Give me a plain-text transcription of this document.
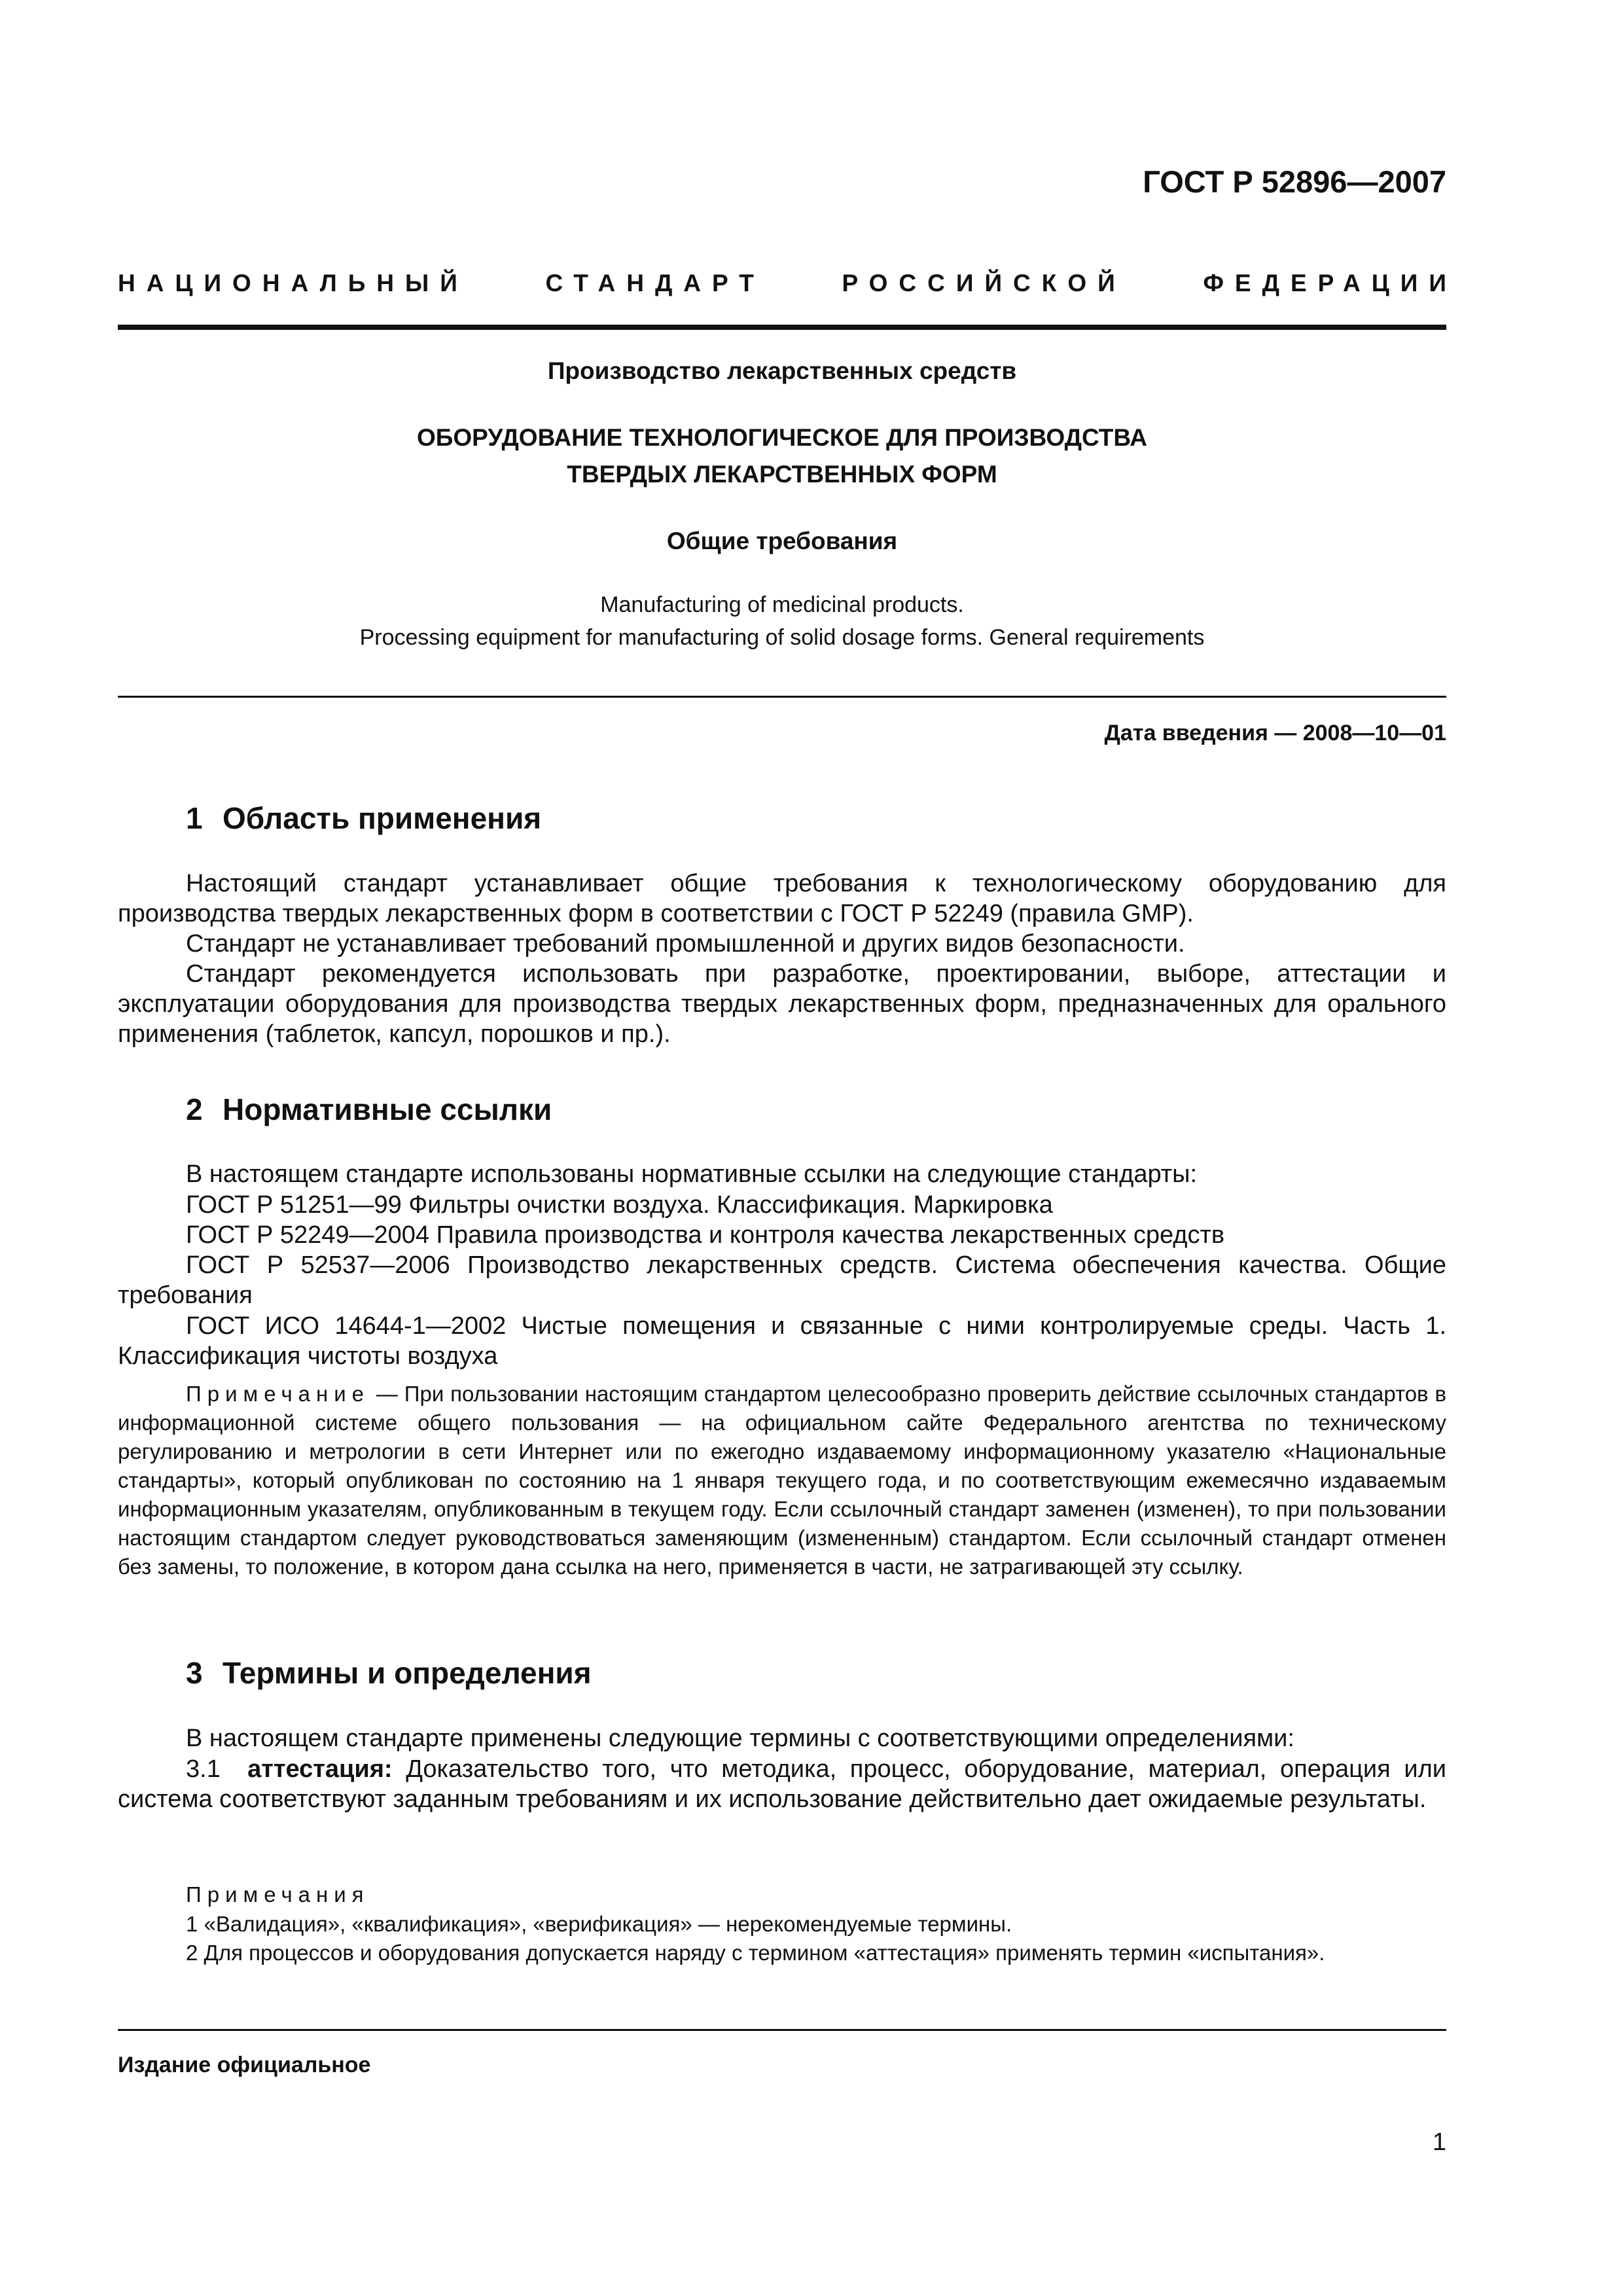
ГОСТ Р 52896—2007
НАЦИОНАЛЬНЫЙ	СТАНДАРТ	РОССИЙСКОЙ	ФЕДЕРАЦИИ
Производство лекарственных средств
ОБОРУДОВАНИЕ ТЕХНОЛОГИЧЕСКОЕ ДЛЯ ПРОИЗВОДСТВА
ТВЕРДЫХ ЛЕКАРСТВЕННЫХ ФОРМ
Общие требования
Manufacturing of medicinal products.
Processing equipment for manufacturing of solid dosage forms. General requirements
Дата введения — 2008—10—01
1 Область применения
Настоящий стандарт устанавливает общие требования к технологическому оборудованию для производства твердых лекарственных форм в соответствии с ГОСТ Р 52249 (правила GMP).
Стандарт не устанавливает требований промышленной и других видов безопасности.
Стандарт рекомендуется использовать при разработке, проектировании, выборе, аттестации и эксплуатации оборудования для производства твердых лекарственных форм, предназначенных для орального применения (таблеток, капсул, порошков и пр.).
2 Нормативные ссылки
В настоящем стандарте использованы нормативные ссылки на следующие стандарты:
ГОСТ Р 51251—99 Фильтры очистки воздуха. Классификация. Маркировка
ГОСТ Р 52249—2004 Правила производства и контроля качества лекарственных средств
ГОСТ Р 52537—2006 Производство лекарственных средств. Система обеспечения качества. Общие требования
ГОСТ ИСО 14644-1—2002 Чистые помещения и связанные с ними контролируемые среды. Часть 1. Классификация чистоты воздуха
Примечание — При пользовании настоящим стандартом целесообразно проверить действие ссылочных стандартов в информационной системе общего пользования — на официальном сайте Федерального агентства по техническому регулированию и метрологии в сети Интернет или по ежегодно издаваемому информационному указателю «Национальные стандарты», который опубликован по состоянию на 1 января текущего года, и по соответствующим ежемесячно издаваемым информационным указателям, опубликованным в текущем году. Если ссылочный стандарт заменен (изменен), то при пользовании настоящим стандартом следует руководствоваться заменяющим (измененным) стандартом. Если ссылочный стандарт отменен без замены, то положение, в котором дана ссылка на него, применяется в части, не затрагивающей эту ссылку.
3 Термины и определения
В настоящем стандарте применены следующие термины с соответствующими определениями:
3.1 аттестация: Доказательство того, что методика, процесс, оборудование, материал, операция или система соответствуют заданным требованиям и их использование действительно дает ожидаемые результаты.
Примечания
1 «Валидация», «квалификация», «верификация» — нерекомендуемые термины.
2 Для процессов и оборудования допускается наряду с термином «аттестация» применять термин «испытания».
Издание официальное
1
